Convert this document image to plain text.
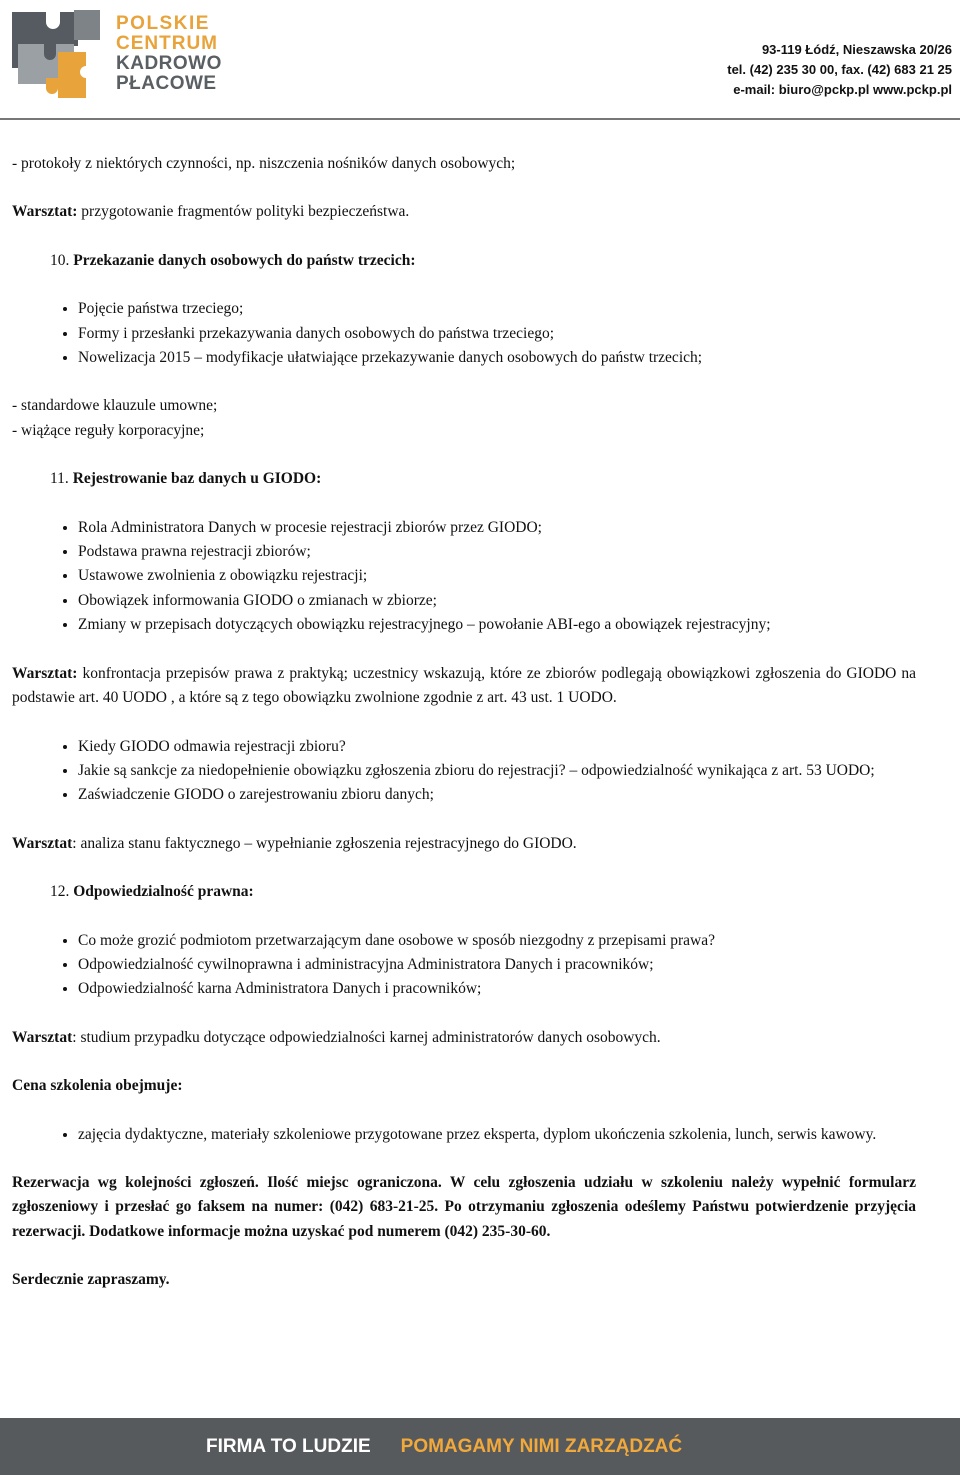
POLSKIE
CENTRUM
KADROWO
PŁACOWE
93-119 Łódź, Nieszawska 20/26
tel. (42) 235 30 00, fax. (42) 683 21 25
e-mail: biuro@pckp.pl www.pckp.pl

- protokoły z niektórych czynności, np. niszczenia nośników danych osobowych;

Warsztat: przygotowanie fragmentów polityki bezpieczeństwa.

10. Przekazanie danych osobowych do państw trzecich:

• Pojęcie państwa trzeciego;
• Formy i przesłanki przekazywania danych osobowych do państwa trzeciego;
• Nowelizacja 2015 – modyfikacje ułatwiające przekazywanie danych osobowych do państw trzecich;

- standardowe klauzule umowne;

- wiążące reguły korporacyjne;

11. Rejestrowanie baz danych u GIODO:

• Rola Administratora Danych w procesie rejestracji zbiorów przez GIODO;
• Podstawa prawna rejestracji zbiorów;
• Ustawowe zwolnienia z obowiązku rejestracji;
• Obowiązek informowania GIODO o zmianach w zbiorze;
• Zmiany w przepisach dotyczących obowiązku rejestracyjnego – powołanie ABI-ego a obowiązek rejestracyjny;

Warsztat: konfrontacja przepisów prawa z praktyką; uczestnicy wskazują, które ze zbiorów podlegają obowiązkowi zgłoszenia do GIODO na podstawie art. 40 UODO , a które są z tego obowiązku zwolnione zgodnie z art. 43 ust. 1 UODO.

• Kiedy GIODO odmawia rejestracji zbioru?
• Jakie są sankcje za niedopełnienie obowiązku zgłoszenia zbioru do rejestracji? – odpowiedzialność wynikająca z art. 53 UODO;
• Zaświadczenie GIODO o zarejestrowaniu zbioru danych;

Warsztat: analiza stanu faktycznego – wypełnianie zgłoszenia rejestracyjnego do GIODO.

12. Odpowiedzialność prawna:

• Co może grozić podmiotom przetwarzającym dane osobowe w sposób niezgodny z przepisami prawa?
• Odpowiedzialność cywilnoprawna i administracyjna Administratora Danych i pracowników;
• Odpowiedzialność karna Administratora Danych i pracowników;

Warsztat: studium przypadku dotyczące odpowiedzialności karnej administratorów danych osobowych.

Cena szkolenia obejmuje:

• zajęcia dydaktyczne, materiały szkoleniowe przygotowane przez eksperta, dyplom ukończenia szkolenia, lunch, serwis kawowy.

Rezerwacja wg kolejności zgłoszeń. Ilość miejsc ograniczona. W celu zgłoszenia udziału w szkoleniu należy wypełnić formularz zgłoszeniowy i przesłać go faksem na numer: (042) 683-21-25. Po otrzymaniu zgłoszenia odeślemy Państwu potwierdzenie przyjęcia rezerwacji. Dodatkowe informacje można uzyskać pod numerem (042) 235-30-60.

Serdecznie zapraszamy.

FIRMA TO LUDZIE POMAGAMY NIMI ZARZĄDZAĆ
